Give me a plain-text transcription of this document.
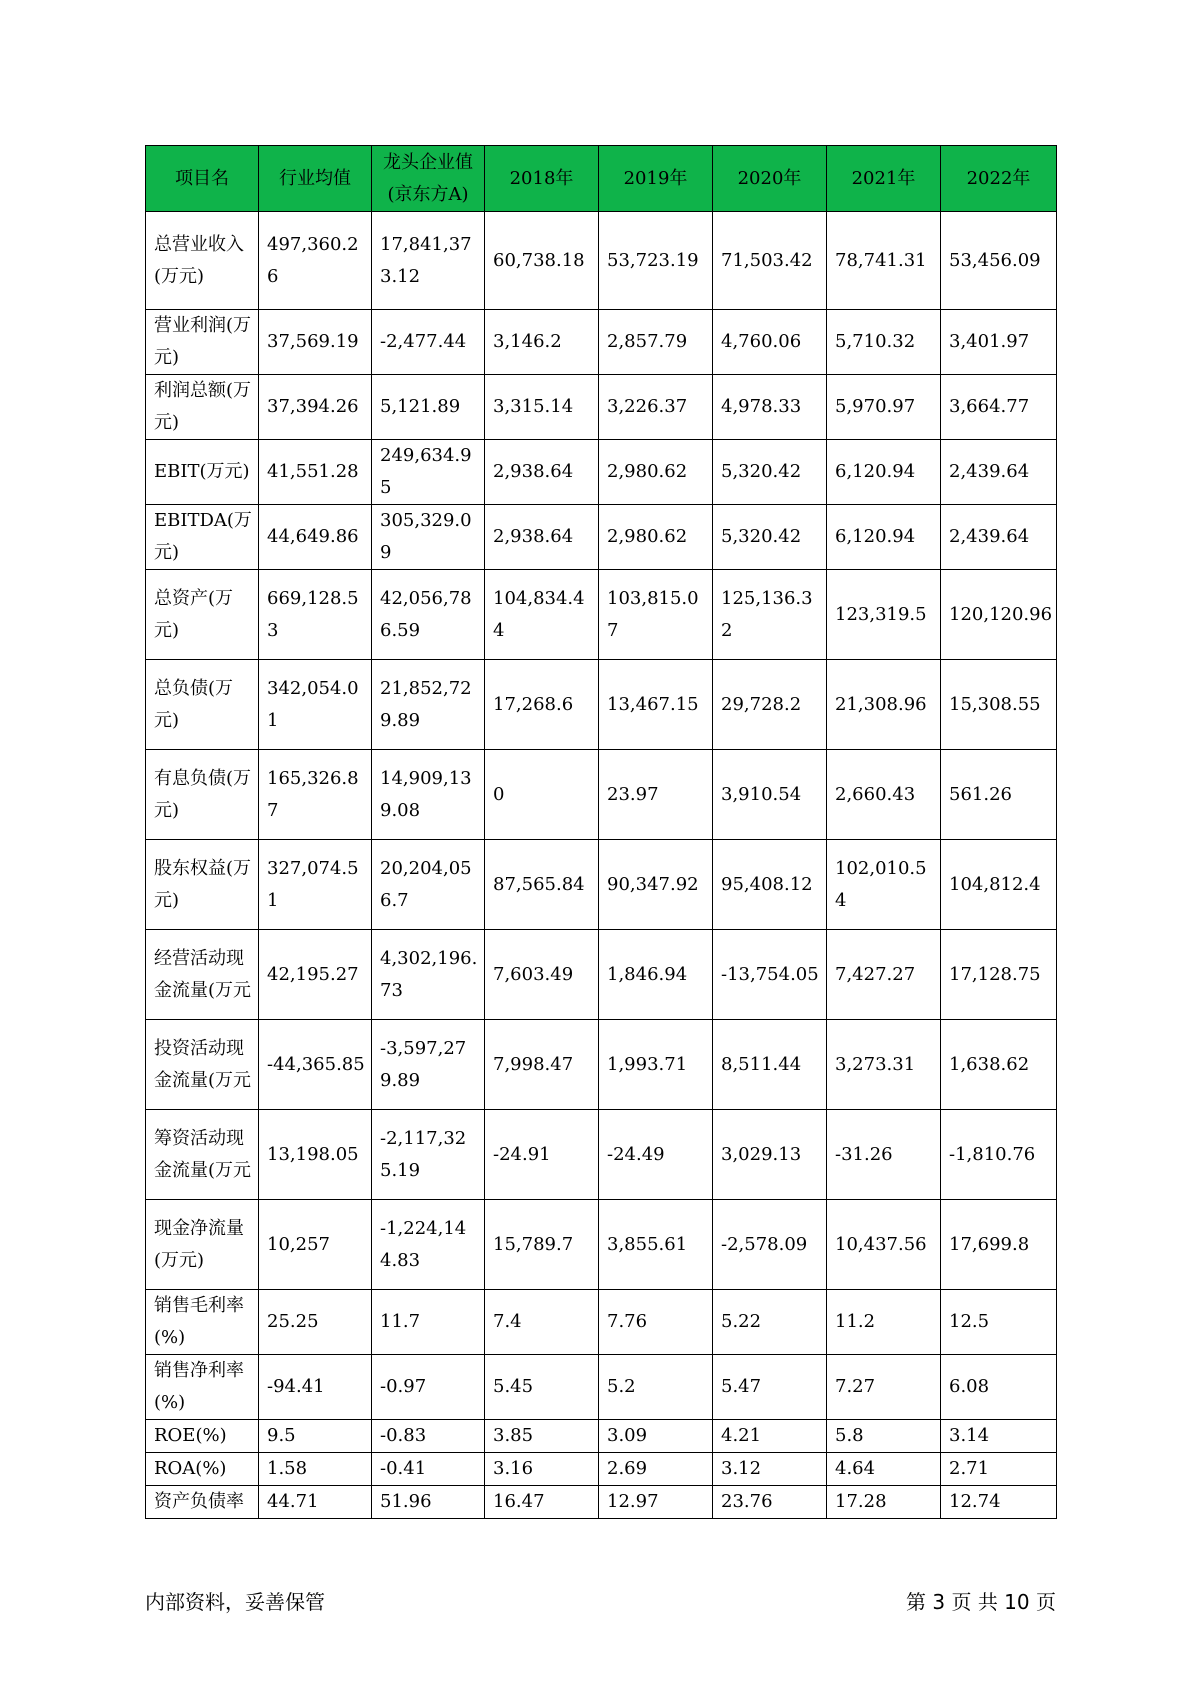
项目名	行业均值	龙头企业值(京东方A)	2018年	2019年	2020年	2021年	2022年
总营业收入(万元)	497,360.26	17,841,373.12	60,738.18	53,723.19	71,503.42	78,741.31	53,456.09
营业利润(万元)	37,569.19	-2,477.44	3,146.2	2,857.79	4,760.06	5,710.32	3,401.97
利润总额(万元)	37,394.26	5,121.89	3,315.14	3,226.37	4,978.33	5,970.97	3,664.77
EBIT(万元)	41,551.28	249,634.95	2,938.64	2,980.62	5,320.42	6,120.94	2,439.64
EBITDA(万元)	44,649.86	305,329.09	2,938.64	2,980.62	5,320.42	6,120.94	2,439.64
总资产(万元)	669,128.53	42,056,786.59	104,834.44	103,815.07	125,136.32	123,319.5	120,120.96
总负债(万元)	342,054.01	21,852,729.89	17,268.6	13,467.15	29,728.2	21,308.96	15,308.55
有息负债(万元)	165,326.87	14,909,139.08	0	23.97	3,910.54	2,660.43	561.26
股东权益(万元)	327,074.51	20,204,056.7	87,565.84	90,347.92	95,408.12	102,010.54	104,812.4
经营活动现金流量(万元	42,195.27	4,302,196.73	7,603.49	1,846.94	-13,754.05	7,427.27	17,128.75
投资活动现金流量(万元	-44,365.85	-3,597,279.89	7,998.47	1,993.71	8,511.44	3,273.31	1,638.62
筹资活动现金流量(万元	13,198.05	-2,117,325.19	-24.91	-24.49	3,029.13	-31.26	-1,810.76
现金净流量(万元)	10,257	-1,224,144.83	15,789.7	3,855.61	-2,578.09	10,437.56	17,699.8
销售毛利率(%)	25.25	11.7	7.4	7.76	5.22	11.2	12.5
销售净利率(%)	-94.41	-0.97	5.45	5.2	5.47	7.27	6.08
ROE(%)	9.5	-0.83	3.85	3.09	4.21	5.8	3.14
ROA(%)	1.58	-0.41	3.16	2.69	3.12	4.64	2.71
资产负债率	44.71	51.96	16.47	12.97	23.76	17.28	12.74
内部资料，妥善保管	第 3 页 共 10 页
